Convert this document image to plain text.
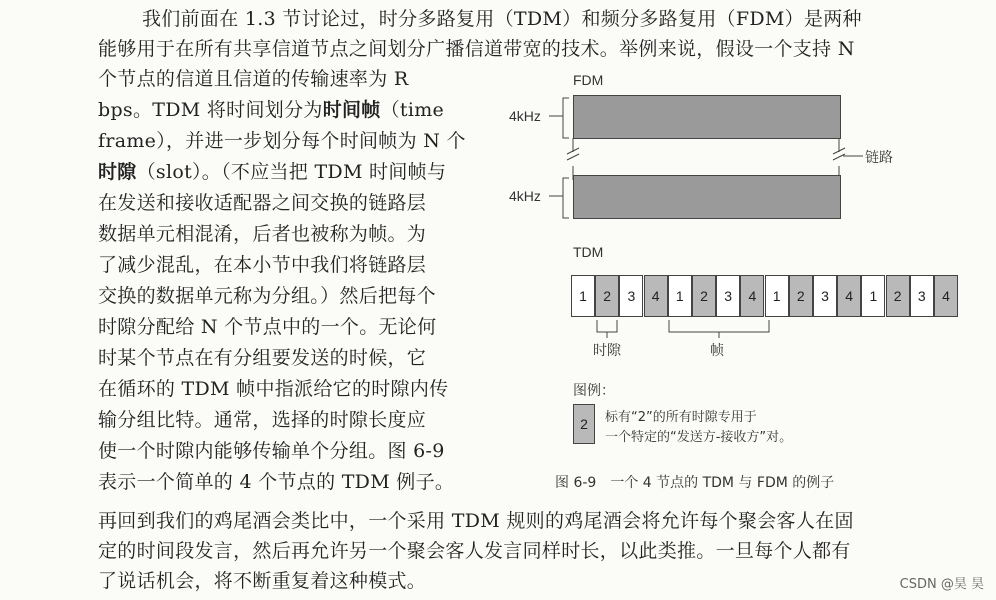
我们前面在 1.3 节讨论过，时分多路复用（TDM）和频分多路复用（FDM）是两种
能够用于在所有共享信道节点之间划分广播信道带宽的技术。举例来说，假设一个支持 N
个节点的信道且信道的传输速率为 R
bps。TDM 将时间划分为时间帧（time
frame），并进一步划分每个时间帧为 N 个
时隙（slot）。（不应当把 TDM 时间帧与
在发送和接收适配器之间交换的链路层
数据单元相混淆，后者也被称为帧。为
了减少混乱，在本小节中我们将链路层
交换的数据单元称为分组。）然后把每个
时隙分配给 N 个节点中的一个。无论何
时某个节点在有分组要发送的时候，它
在循环的 TDM 帧中指派给它的时隙内传
输分组比特。通常，选择的时隙长度应
使一个时隙内能够传输单个分组。图 6-9
表示一个简单的 4 个节点的 TDM 例子。
再回到我们的鸡尾酒会类比中，一个采用 TDM 规则的鸡尾酒会将允许每个聚会客人在固
定的时间段发言，然后再允许另一个聚会客人发言同样时长，以此类推。一旦每个人都有
了说话机会，将不断重复着这种模式。
FDM
4kHz
链路
4kHz
TDM
1	2	3	4	1	2	3	4	1	2	3	4	1	2	3	4
时隙	帧
图例：
2	标有“2”的所有时隙专用于
一个特定的“发送方-接收方”对。
图 6-9　一个 4 节点的 TDM 与 FDM 的例子
CSDN @昊 昊
